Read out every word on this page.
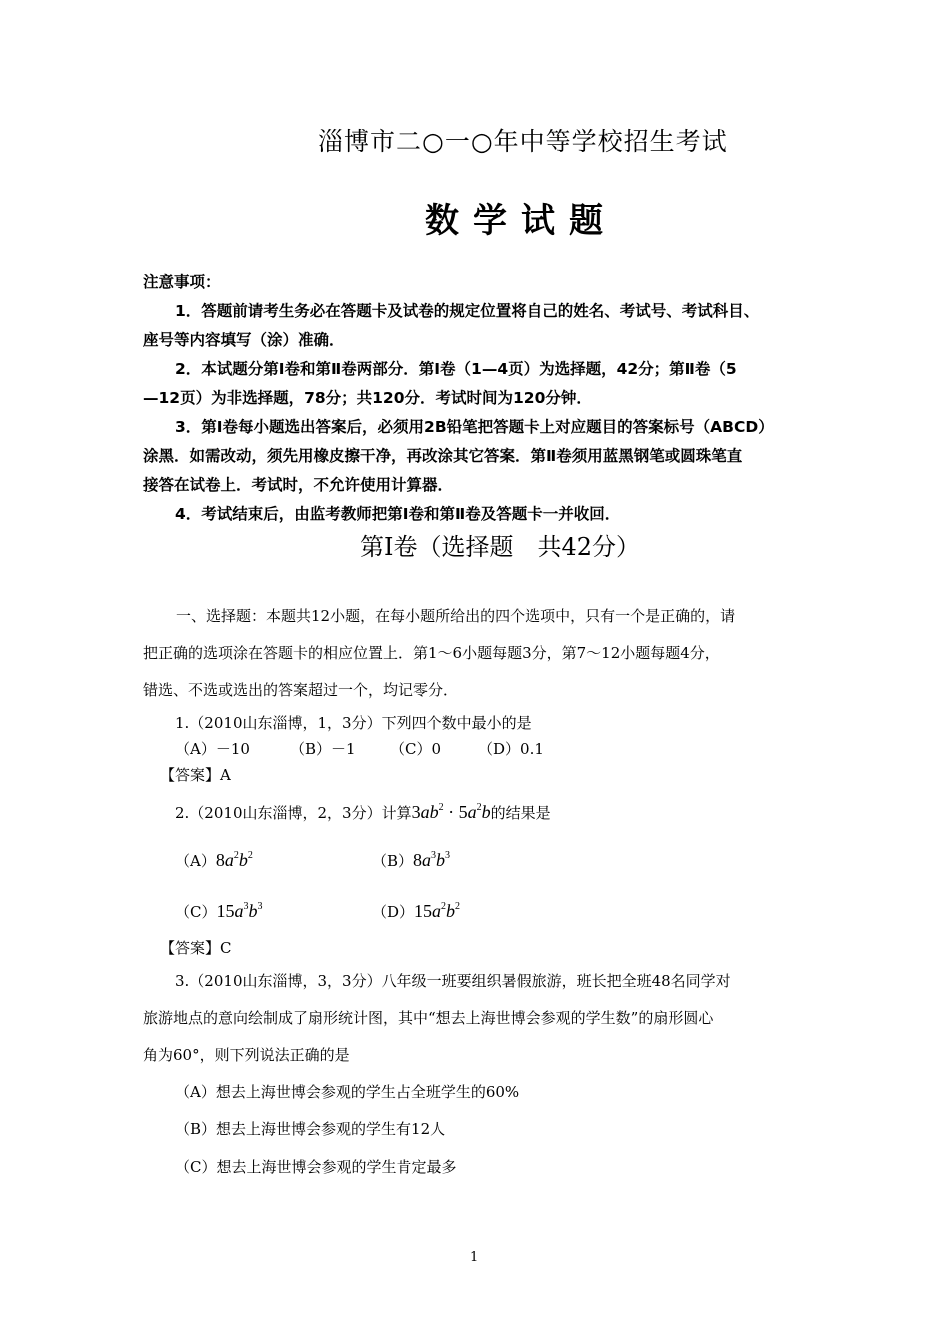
淄博市二○一○年中等学校招生考试
数学试题

注意事项：

1．答题前请考生务必在答题卡及试卷的规定位置将自己的姓名、考试号、考试科目、

座号等内容填写（涂）准确．

2．本试题分第Ⅰ卷和第Ⅱ卷两部分．第Ⅰ卷（1—4页）为选择题，42分；第Ⅱ卷（5

—12页）为非选择题，78分；共120分．考试时间为120分钟．

3．第Ⅰ卷每小题选出答案后，必须用2B铅笔把答题卡上对应题目的答案标号（ABCD）

涂黑．如需改动，须先用橡皮擦干净，再改涂其它答案．第Ⅱ卷须用蓝黑钢笔或圆珠笔直

接答在试卷上．考试时，不允许使用计算器．

4．考试结束后，由监考教师把第Ⅰ卷和第Ⅱ卷及答题卡一并收回．

第Ⅰ卷（选择题　共42分）
一、选择题：本题共12小题，在每小题所给出的四个选项中，只有一个是正确的，请
把正确的选项涂在答题卡的相应位置上．第1～6小题每题3分，第7～12小题每题4分，
错选、不选或选出的答案超过一个，均记零分．
1.（2010山东淄博，1，3分）下列四个数中最小的是
（A）－10	（B）－1 （C）0 （D）0.1
【答案】A
2.（2010山东淄博，2，3分）计算$3ab^2 \cdot 5a^2b$的结果是
$(A)8a^2b^2$	$(B)8a^3b^3$
$(C)15a^3b^3$	$(D)15a^2b^2$
【答案】C
3.（2010山东淄博，3，3分）八年级一班要组织暑假旅游，班长把全班48名同学对
旅游地点的意向绘制成了扇形统计图，其中“想去上海世博会参观的学生数”的扇形圆心
角为60°，则下列说法正确的是
（A）想去上海世博会参观的学生占全班学生的60%
（B）想去上海世博会参观的学生有12人
（C）想去上海世博会参观的学生肯定最多
1
